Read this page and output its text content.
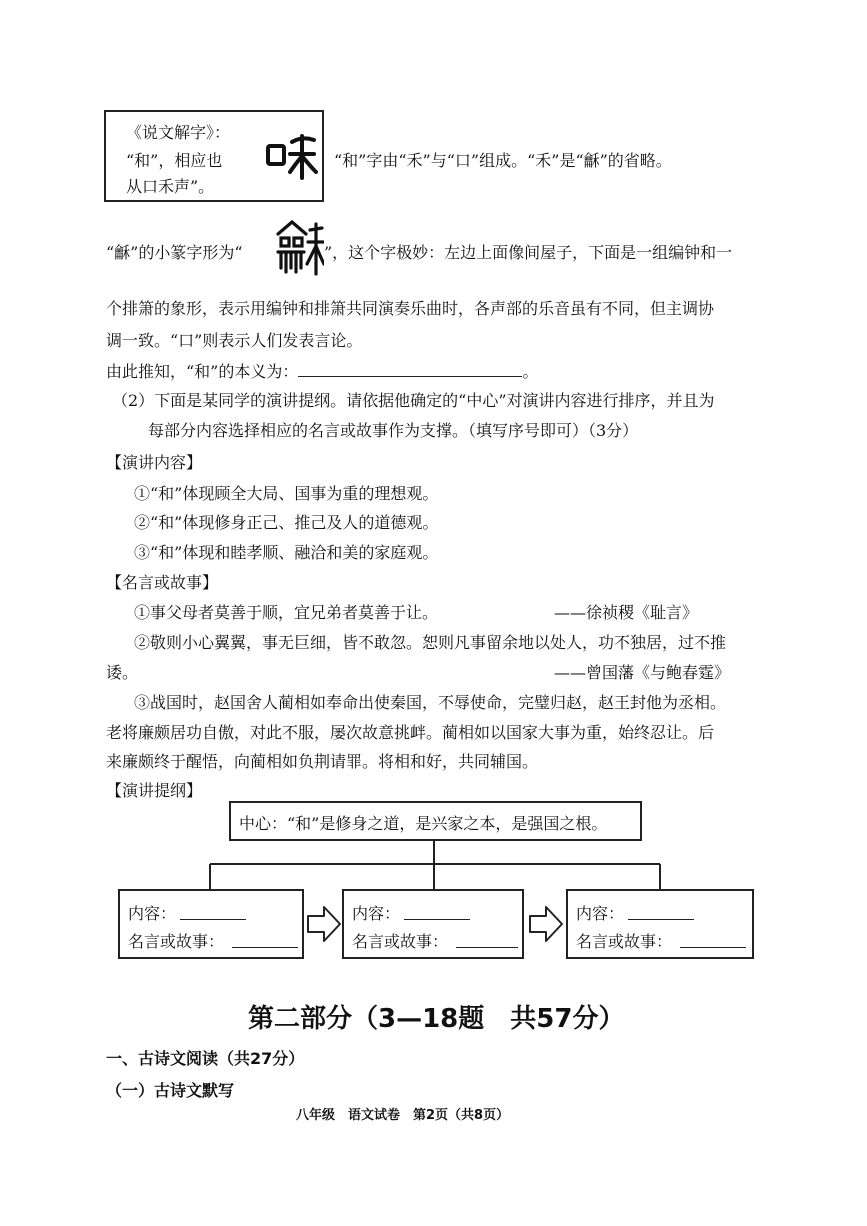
《说文解字》：
“和”，相应也
从口禾声”。
“和”字由“禾”与“口”组成。“禾”是“龢”的省略。
“龢”的小篆字形为“	”，这个字极妙：左边上面像间屋子，下面是一组编钟和一
个排箫的象形，表示用编钟和排箫共同演奏乐曲时，各声部的乐音虽有不同，但主调协
调一致。“口”则表示人们发表言论。
由此推知，“和”的本义为：	。
（2）下面是某同学的演讲提纲。请依据他确定的“中心”对演讲内容进行排序，并且为
每部分内容选择相应的名言或故事作为支撑。（填写序号即可）（3分）
【演讲内容】
①“和”体现顾全大局、国事为重的理想观。
②“和”体现修身正己、推己及人的道德观。
③“和”体现和睦孝顺、融洽和美的家庭观。
【名言或故事】
①事父母者莫善于顺，宜兄弟者莫善于让。	——徐祯稷《耻言》
②敬则小心翼翼，事无巨细，皆不敢忽。恕则凡事留余地以处人，功不独居，过不推
诿。	——曾国藩《与鲍春霆》
③战国时，赵国舍人蔺相如奉命出使秦国，不辱使命，完璧归赵，赵王封他为丞相。
老将廉颇居功自傲，对此不服，屡次故意挑衅。蔺相如以国家大事为重，始终忍让。后
来廉颇终于醒悟，向蔺相如负荆请罪。将相和好，共同辅国。
【演讲提纲】
中心：“和”是修身之道，是兴家之本，是强国之根。
内容：
名言或故事：
内容：
名言或故事：
内容：
名言或故事：
第二部分（3—18题　共57分）
一、古诗文阅读（共27分）
（一）古诗文默写
八年级　语文试卷　第2页（共8页）
